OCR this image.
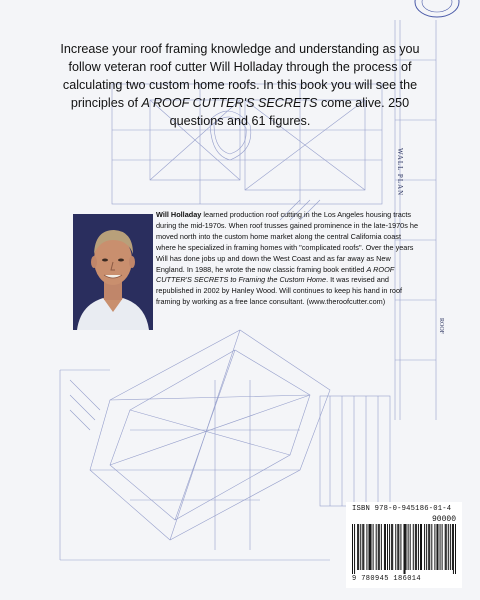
WALL PLAN
ROOF
Increase your roof framing knowledge and understanding as you follow veteran roof cutter Will Holladay through the process of calculating two custom home roofs. In this book you will see the principles of A ROOF CUTTER'S SECRETS come alive. 250 questions and 61 figures.
Will Holladay learned production roof cutting in the Los Angeles housing tracts during the mid-1970s. When roof trusses gained prominence in the late-1970s he moved north into the custom home market along the central California coast where he specialized in framing homes with "complicated roofs". Over the years Will has done jobs up and down the West Coast and as far away as New England. In 1988, he wrote the now classic framing book entitled A ROOF CUTTER'S SECRETS to Framing the Custom Home. It was revised and republished in 2002 by Hanley Wood. Will continues to keep his hand in roof framing by working as a free lance consultant. (www.theroofcutter.com)
ISBN 978-0-945186-01-4
90000
9 780945 186014
